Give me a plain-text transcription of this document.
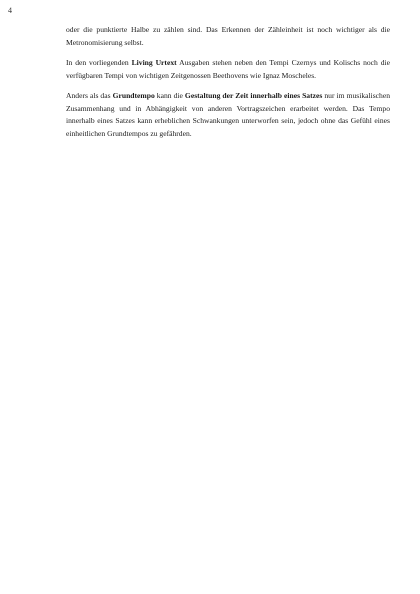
4

oder die punktierte Halbe zu zählen sind. Das Erkennen der Zähleinheit ist noch wichtiger als die Metronomisierung selbst.

In den vorliegenden Living Urtext Ausgaben stehen neben den Tempi Czernys und Kolischs noch die verfügbaren Tempi von wichtigen Zeitgenossen Beethovens wie Ignaz Moscheles.

Anders als das Grundtempo kann die Gestaltung der Zeit innerhalb eines Satzes nur im musikalischen Zusammenhang und in Abhängigkeit von anderen Vortragszeichen erarbeitet werden. Das Tempo innerhalb eines Satzes kann erheblichen Schwankungen unterworfen sein, jedoch ohne das Gefühl eines einheitlichen Grundtempos zu gefährden.
